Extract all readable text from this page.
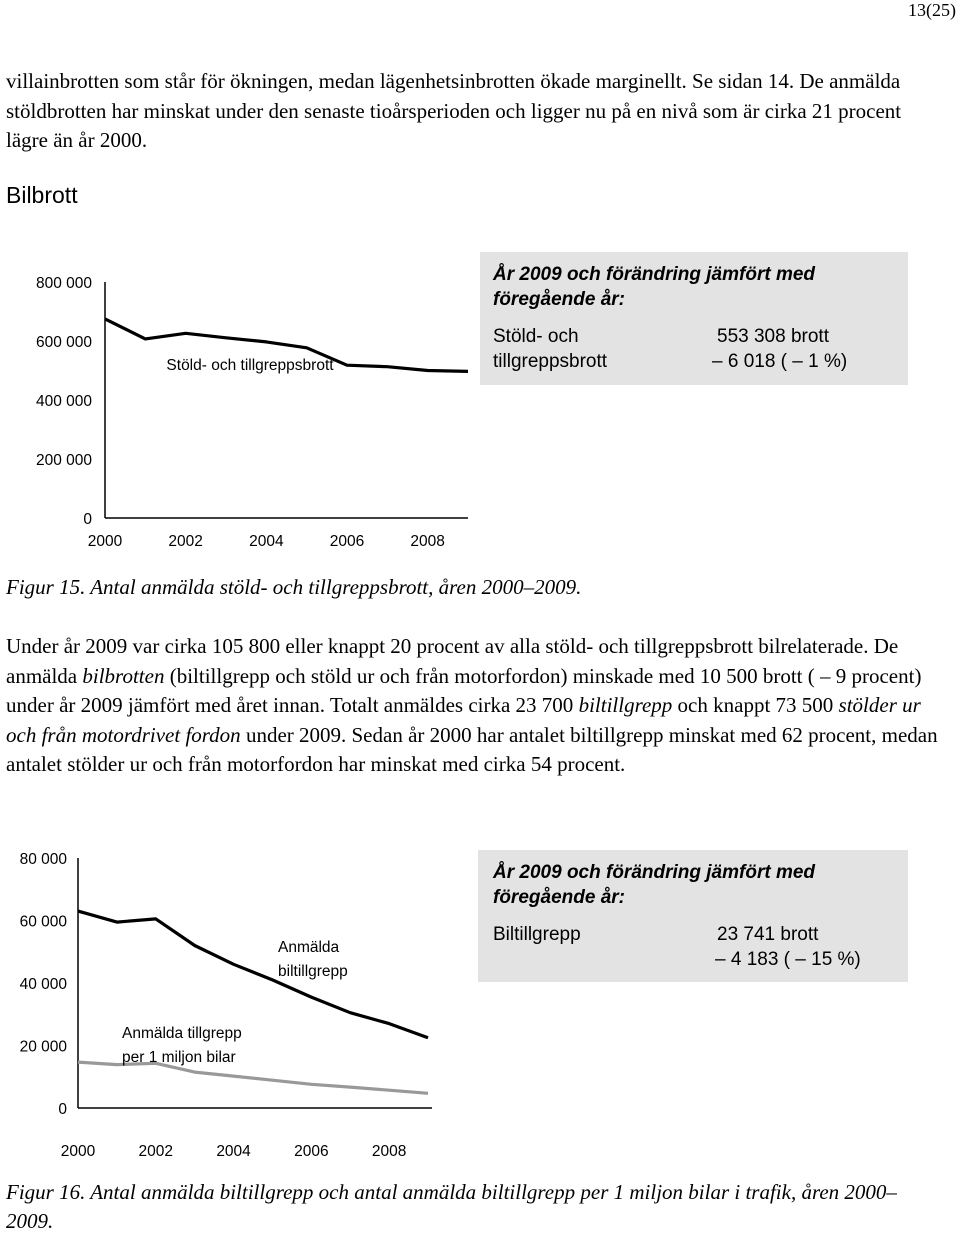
13(25)
villainbrotten som står för ökningen, medan lägenhetsinbrotten ökade marginellt. Se sidan 14. De anmälda stöldbrotten har minskat under den senaste tioårsperioden och ligger nu på en nivå som är cirka 21 procent lägre än år 2000.
Bilbrott
0
200 000
400 000
600 000
800 000
2000	2002	2004	2006	2008
Stöld- och tillgreppsbrott
År 2009 och förändring jämfört med föregående år:
Stöld- och
tillgreppsbrott
553 308 brott
– 6 018 ( – 1 %)
Figur 15. Antal anmälda stöld- och tillgreppsbrott, åren 2000–2009.
Under år 2009 var cirka 105 800 eller knappt 20 procent av alla stöld- och tillgreppsbrott bilrelaterade. De anmälda bilbrotten (biltillgrepp och stöld ur och från motorfordon) minskade med 10 500 brott ( – 9 procent) under år 2009 jämfört med året innan. Totalt anmäldes cirka 23 700 biltillgrepp och knappt 73 500 stölder ur och från motordrivet fordon under 2009. Sedan år 2000 har antalet biltillgrepp minskat med 62 procent, medan antalet stölder ur och från motorfordon har minskat med cirka 54 procent.
0
20 000
40 000
60 000
80 000
2000	2002	2004	2006	2008
Anmälda
biltillgrepp
Anmälda tillgrepp
per 1 miljon bilar
År 2009 och förändring jämfört med föregående år:
Biltillgrepp	23 741 brott
– 4 183 ( – 15 %)
Figur 16. Antal anmälda biltillgrepp och antal anmälda biltillgrepp per 1 miljon bilar i trafik, åren 2000–2009.
